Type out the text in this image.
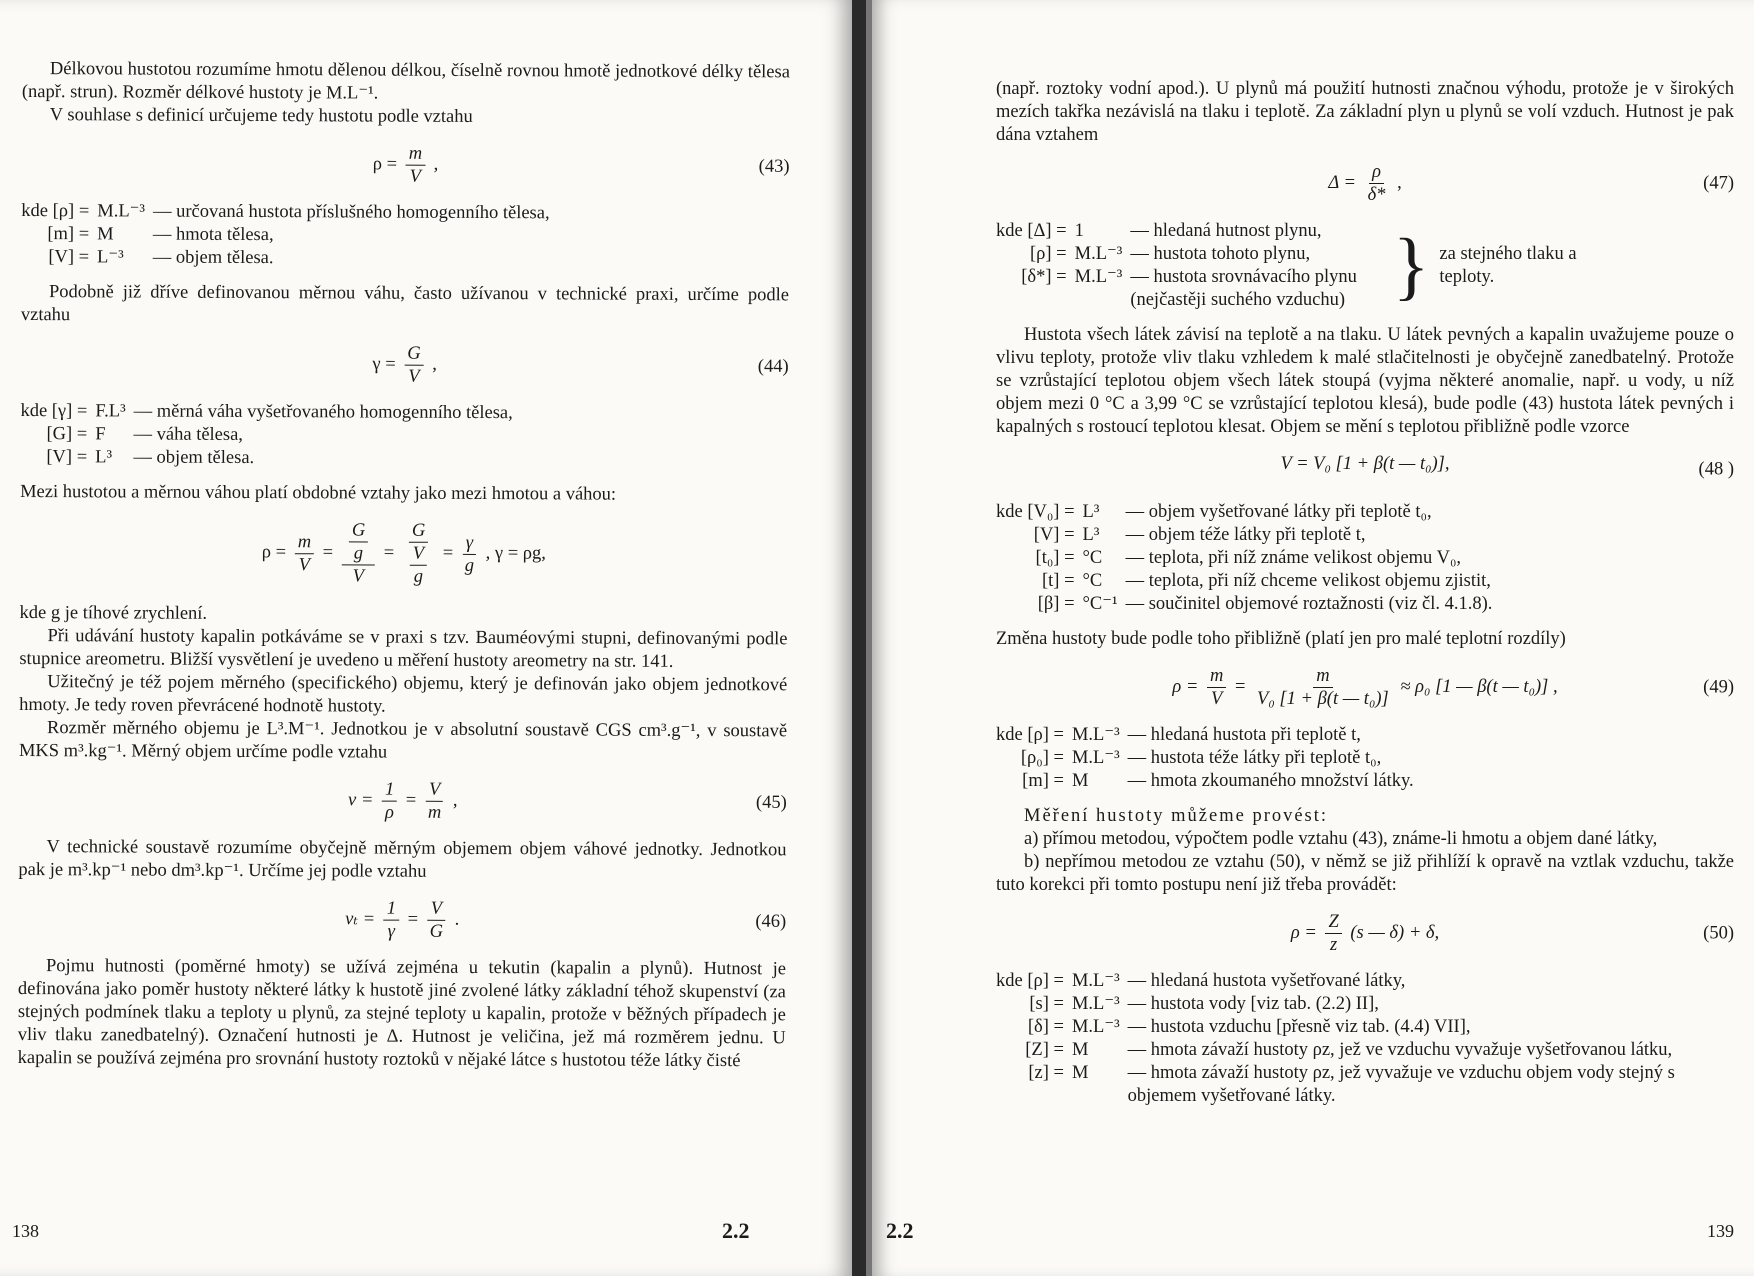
Délkovou hustotou rozumíme hmotu dělenou délkou, číselně rovnou hmotě jednotkové délky tělesa (např. strun). Rozměr délkové hustoty je M.L⁻¹.

V souhlase s definicí určujeme tedy hustotu podle vztahu

$\rho = \frac{m}{V}$ ,	(43)
kde [ρ] = M.L⁻³ — určovaná hustota příslušného homogenního tělesa,
[m] = M	— hmota tělesa,
[V] = L⁻³	— objem tělesa.

Podobně již dříve definovanou měrnou váhu, často užívanou v technické praxi, určíme podle vztahu

$\gamma = \frac{G}{V}$ ,	(44)
kde [γ] = F.L³ — měrná váha vyšetřovaného homogenního tělesa,
[G] = F	— váha tělesa,
[V] = L³	— objem tělesa.

Mezi hustotou a měrnou váhou platí obdobné vztahy jako mezi hmotou a váhou:

$\rho = \frac{m}{V} = \frac{\frac{G}{g}}{V} = \frac{G}{\frac{V}{g}} = \frac{\gamma}{g}$ , γ = ρg,

kde g je tíhové zrychlení.

Při udávání hustoty kapalin potkáváme se v praxi s tzv. Bauméovými stupni, definovanými podle stupnice areometru. Bližší vysvětlení je uvedeno u měření hustoty areometry na str. 141.

Užitečný je též pojem měrného (specifického) objemu, který je definován jako objem jednotkové hmoty. Je tedy roven převrácené hodnotě hustoty.

Rozměr měrného objemu je L³.M⁻¹. Jednotkou je v absolutní soustavě CGS cm³.g⁻¹, v soustavě MKS m³.kg⁻¹. Měrný objem určíme podle vztahu

$v = \frac{1}{\rho} = \frac{V}{m}$ ,	(45)

V technické soustavě rozumíme obyčejně měrným objemem objem váhové jednotky. Jednotkou pak je m³.kp⁻¹ nebo dm³.kp⁻¹. Určíme jej podle vztahu

$v_t = \frac{1}{\gamma} = \frac{V}{G}$ .	(46)

Pojmu hutnosti (poměrné hmoty) se užívá zejména u tekutin (kapalin a plynů). Hutnost je definována jako poměr hustoty některé látky k hustotě jiné zvolené látky základní téhož skupenství (za stejných podmínek tlaku a teploty u plynů, za stejné teploty u kapalin, protože v běžných případech je vliv tlaku zanedbatelný). Označení hutnosti je Δ. Hutnost je veličina, jež má rozměrem jednu. U kapalin se používá zejména pro srovnání hustoty roztoků v nějaké látce s hustotou téže látky čisté

138	2.2

(např. roztoky vodní apod.). U plynů má použití hutnosti značnou výhodu, protože je v širokých mezích takřka nezávislá na tlaku i teplotě. Za základní plyn u plynů se volí vzduch. Hutnost je pak dána vztahem

$\Delta = \frac{\rho}{\delta*}$ ,	(47)
kde [Δ] = 1	— hledaná hutnost plynu,
[ρ] = M.L⁻³ — hustota tohoto plynu,
[δ*] = M.L⁻³ — hustota srovnávacího plynu
(nejčastěji suchého vzduchu) } za stejného tlaku a teploty.

Hustota všech látek závisí na teplotě a na tlaku. U látek pevných a kapalin uvažujeme pouze o vlivu teploty, protože vliv tlaku vzhledem k malé stlačitelnosti je obyčejně zanedbatelný. Protože se vzrůstající teplotou objem všech látek stoupá (vyjma některé anomalie, např. u vody, u níž objem mezi 0 °C a 3,99 °C se vzrůstající teplotou klesá), bude podle (43) hustota látek pevných i kapalných s rostoucí teplotou klesat. Objem se mění s teplotou přibližně podle vzorce

V = V₀ [1 + β(t — t₀)],	(48 )
kde [V₀] = L³	— objem vyšetřované látky při teplotě t₀,
[V] = L³	— objem téže látky při teplotě t,
[t₀] = °C	— teplota, při níž známe velikost objemu V₀,
[t] = °C	— teplota, při níž chceme velikost objemu zjistit,
[β] = °C⁻¹ — součinitel objemové roztažnosti (viz čl. 4.1.8).

Změna hustoty bude podle toho přibližně (platí jen pro malé teplotní rozdíly)

$\rho = \frac{m}{V} = \frac{m}{\text{V₀ [1 + β(t — t₀)]}} \approx \rho_0$ [1 — β(t — t₀)] ,	(49)
kde [ρ] = M.L⁻³ — hledaná hustota při teplotě t,
[ρ₀] = M.L⁻³ — hustota téže látky při teplotě t₀,
[m] = M	— hmota zkoumaného množství látky.

Měření hustoty můžeme provést:

a) přímou metodou, výpočtem podle vztahu (43), známe-li hmotu a objem dané látky,

b) nepřímou metodou ze vztahu (50), v němž se již přihlíží k opravě na vztlak vzduchu, takže tuto korekci při tomto postupu není již třeba provádět:

$\rho = \frac{Z}{z} (s$ — δ) + δ,	(50)
kde [ρ] = M.L⁻³ — hledaná hustota vyšetřované látky,
[s] = M.L⁻³ — hustota vody [viz tab. (2.2) II],
[δ] = M.L⁻³ — hustota vzduchu [přesně viz tab. (4.4) VII],
[Z] = M	— hmota závaží hustoty ρz, jež ve vzduchu vyvažuje vyšetřovanou látku,
[z] = M	— hmota závaží hustoty ρz, jež vyvažuje ve vzduchu objem vody stejný s objemem vyšetřované látky.
2.2	139
